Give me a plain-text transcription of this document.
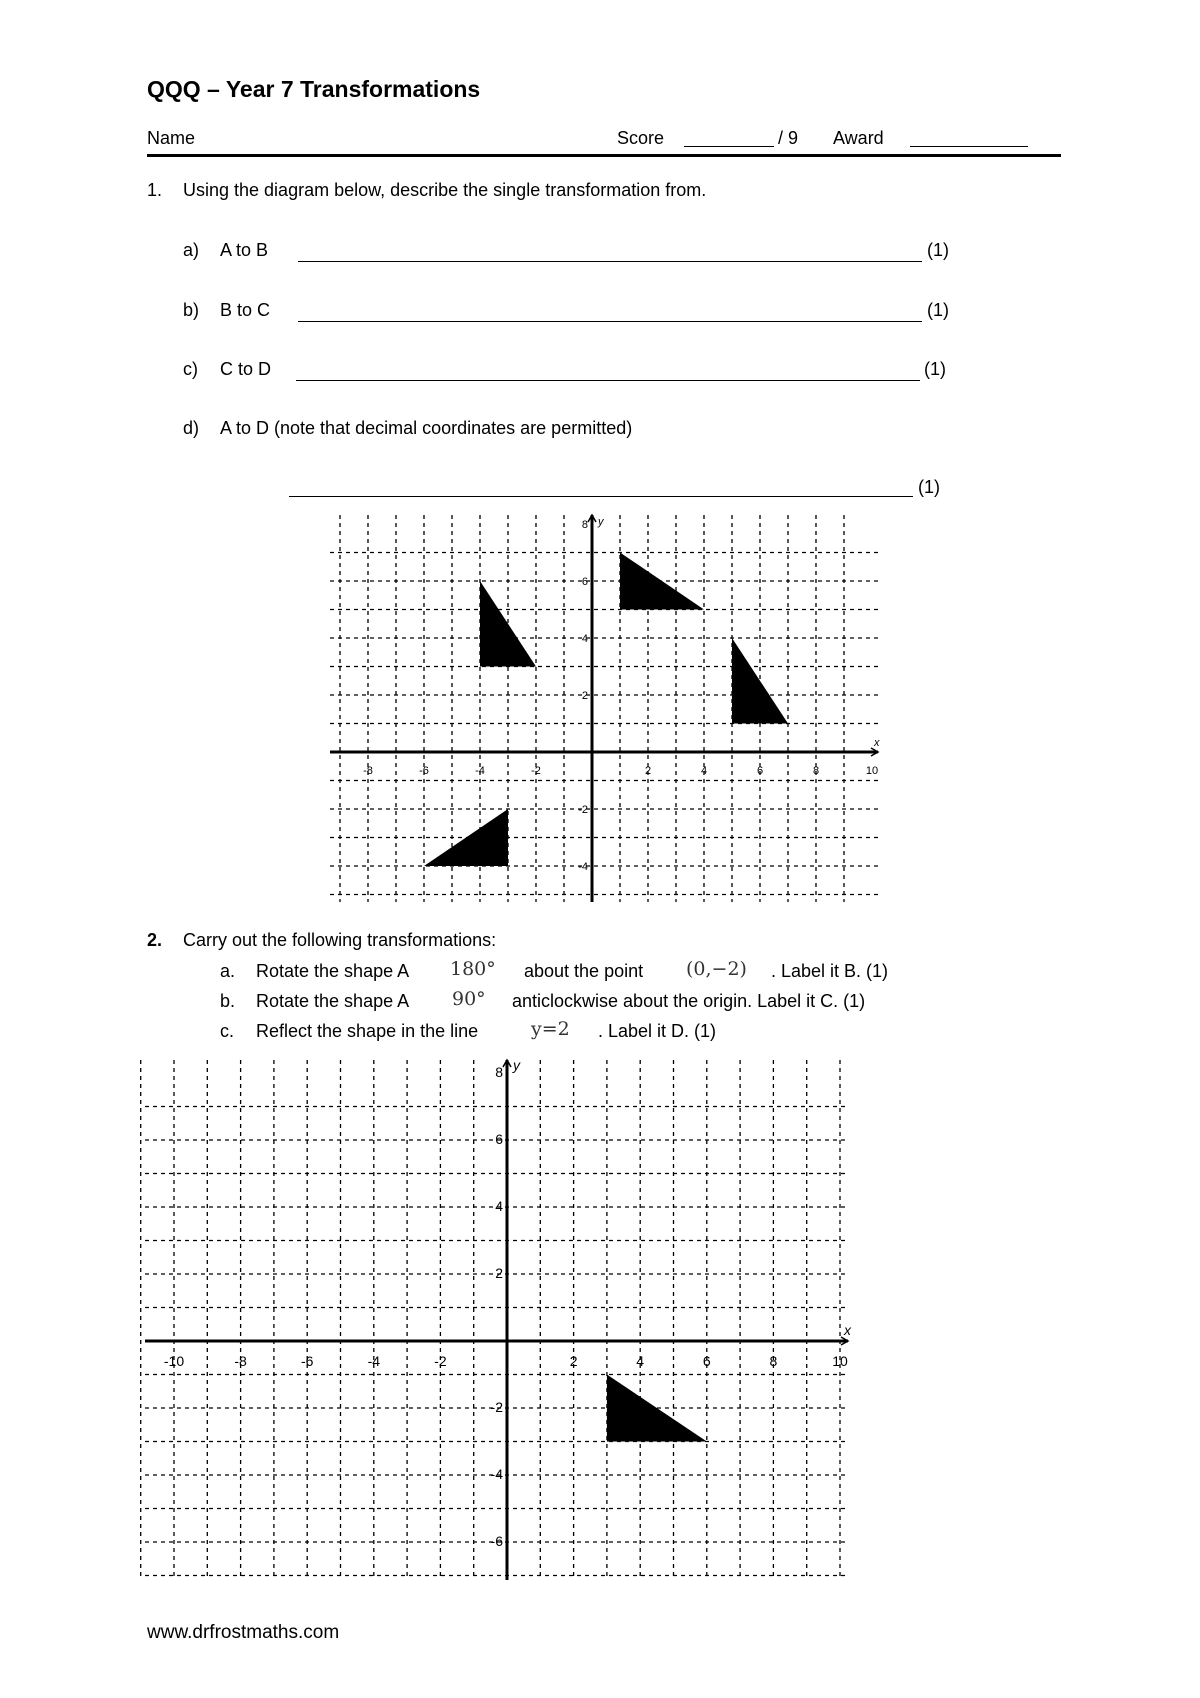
QQQ – Year 7 Transformations
Name	Score	/ 9 Award
1. Using the diagram below, describe the single transformation from.
a) A to B	(1)
b) B to C	(1)
c) C to D	(1)
d) A to D (note that decimal coordinates are permitted)
(1)
x
y
-8	-6	-4	-2	2	4	6	8	10
8
6
4
2
-2
-4
A
B
C
D
2. Carry out the following transformations:
a. Rotate the shape A 180° about the point (0,−2) . Label it B. (1)
b. Rotate the shape A 90° anticlockwise about the origin. Label it C. (1)
c. Reflect the shape in the line	y=2 . Label it D. (1)
x
y
-10	-8	-6	-4	-2	2	4	6	8	10
8
6
4
2
-2
-4
-6
A
www.drfrostmaths.com
